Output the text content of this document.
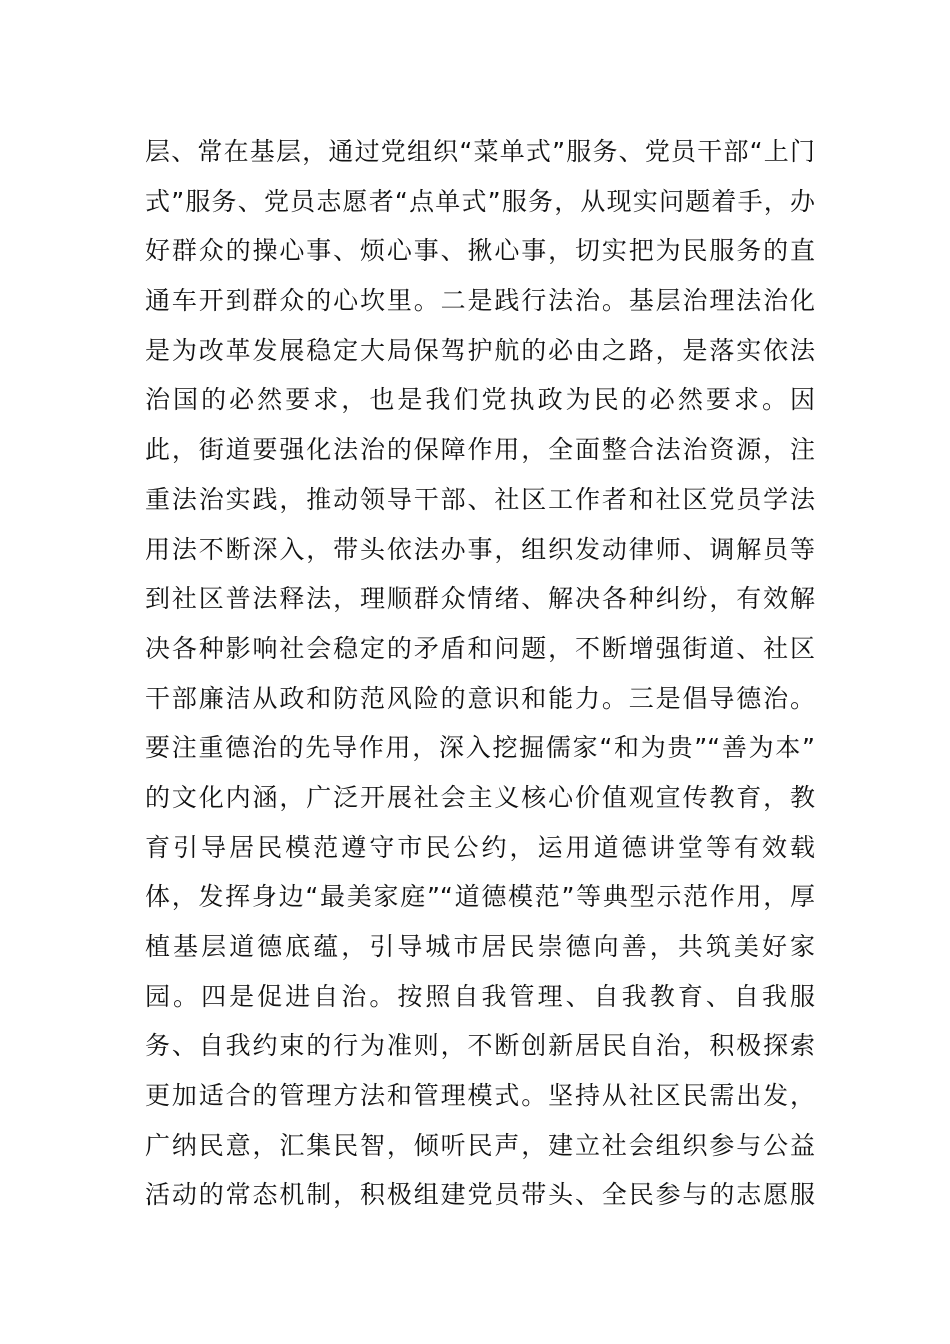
层、常在基层，通过党组织“菜单式”服务、党员干部“上门
式”服务、党员志愿者“点单式”服务，从现实问题着手，办
好群众的操心事、烦心事、揪心事，切实把为民服务的直
通车开到群众的心坎里。二是践行法治。基层治理法治化
是为改革发展稳定大局保驾护航的必由之路，是落实依法
治国的必然要求，也是我们党执政为民的必然要求。因
此，街道要强化法治的保障作用，全面整合法治资源，注
重法治实践，推动领导干部、社区工作者和社区党员学法
用法不断深入，带头依法办事，组织发动律师、调解员等
到社区普法释法，理顺群众情绪、解决各种纠纷，有效解
决各种影响社会稳定的矛盾和问题，不断增强街道、社区
干部廉洁从政和防范风险的意识和能力。三是倡导德治。
要注重德治的先导作用，深入挖掘儒家“和为贵”“善为本”
的文化内涵，广泛开展社会主义核心价值观宣传教育，教
育引导居民模范遵守市民公约，运用道德讲堂等有效载
体，发挥身边“最美家庭”“道德模范”等典型示范作用，厚
植基层道德底蕴，引导城市居民崇德向善，共筑美好家
园。四是促进自治。按照自我管理、自我教育、自我服
务、自我约束的行为准则，不断创新居民自治，积极探索
更加适合的管理方法和管理模式。坚持从社区民需出发，
广纳民意，汇集民智，倾听民声，建立社会组织参与公益
活动的常态机制，积极组建党员带头、全民参与的志愿服
